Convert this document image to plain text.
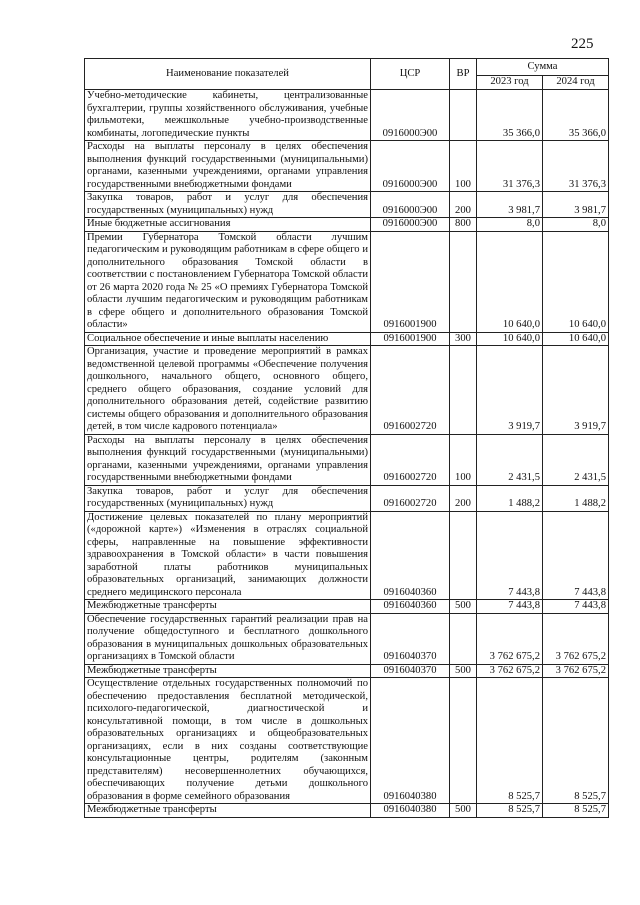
225
Наименование показателей	ЦСР	ВР	Сумма	
			2023 год	2024 год
Учебно-методические кабинеты, централизованные бухгалтерии, группы хозяйственного обслуживания, учебные фильмотеки, межшкольные учебно-производственные комбинаты, логопедические пункты	0916000Э00		35 366,0	35 366,0
Расходы на выплаты персоналу в целях обеспечения выполнения функций государственными (муниципальными) органами, казенными учреждениями, органами управления государственными внебюджетными фондами	0916000Э00	100	31 376,3	31 376,3
Закупка товаров, работ и услуг для обеспечения государственных (муниципальных) нужд	0916000Э00	200	3 981,7	3 981,7
Иные бюджетные ассигнования	0916000Э00	800	8,0	8,0
Премии Губернатора Томской области лучшим педагогическим и руководящим работникам в сфере общего и дополнительного образования Томской области в соответствии с постановлением Губернатора Томской области от 26 марта 2020 года № 25 «О премиях Губернатора Томской области лучшим педагогическим и руководящим работникам в сфере общего и дополнительного образования Томской области»	0916001900		10 640,0	10 640,0
Социальное обеспечение и иные выплаты населению	0916001900	300	10 640,0	10 640,0
Организация, участие и проведение мероприятий в рамках ведомственной целевой программы «Обеспечение получения дошкольного, начального общего, основного общего, среднего общего образования, создание условий для дополнительного образования детей, содействие развитию системы общего образования и дополнительного образования детей, в том числе кадрового потенциала»	0916002720		3 919,7	3 919,7
Расходы на выплаты персоналу в целях обеспечения выполнения функций государственными (муниципальными) органами, казенными учреждениями, органами управления государственными внебюджетными фондами	0916002720	100	2 431,5	2 431,5
Закупка товаров, работ и услуг для обеспечения государственных (муниципальных) нужд	0916002720	200	1 488,2	1 488,2
Достижение целевых показателей по плану мероприятий («дорожной карте») «Изменения в отраслях социальной сферы, направленные на повышение эффективности здравоохранения в Томской области» в части повышения заработной платы работников муниципальных образовательных организаций, занимающих должности среднего медицинского персонала	0916040360		7 443,8	7 443,8
Межбюджетные трансферты	0916040360	500	7 443,8	7 443,8
Обеспечение государственных гарантий реализации прав на получение общедоступного и бесплатного дошкольного образования в муниципальных дошкольных образовательных организациях в Томской области	0916040370		3 762 675,2	3 762 675,2
Межбюджетные трансферты	0916040370	500	3 762 675,2	3 762 675,2
Осуществление отдельных государственных полномочий по обеспечению предоставления бесплатной методической, психолого-педагогической, диагностической и консультативной помощи, в том числе в дошкольных образовательных организациях и общеобразовательных организациях, если в них созданы соответствующие консультационные центры, родителям (законным представителям) несовершеннолетних обучающихся, обеспечивающих получение детьми дошкольного образования в форме семейного образования	0916040380		8 525,7	8 525,7
Межбюджетные трансферты	0916040380	500	8 525,7	8 525,7
